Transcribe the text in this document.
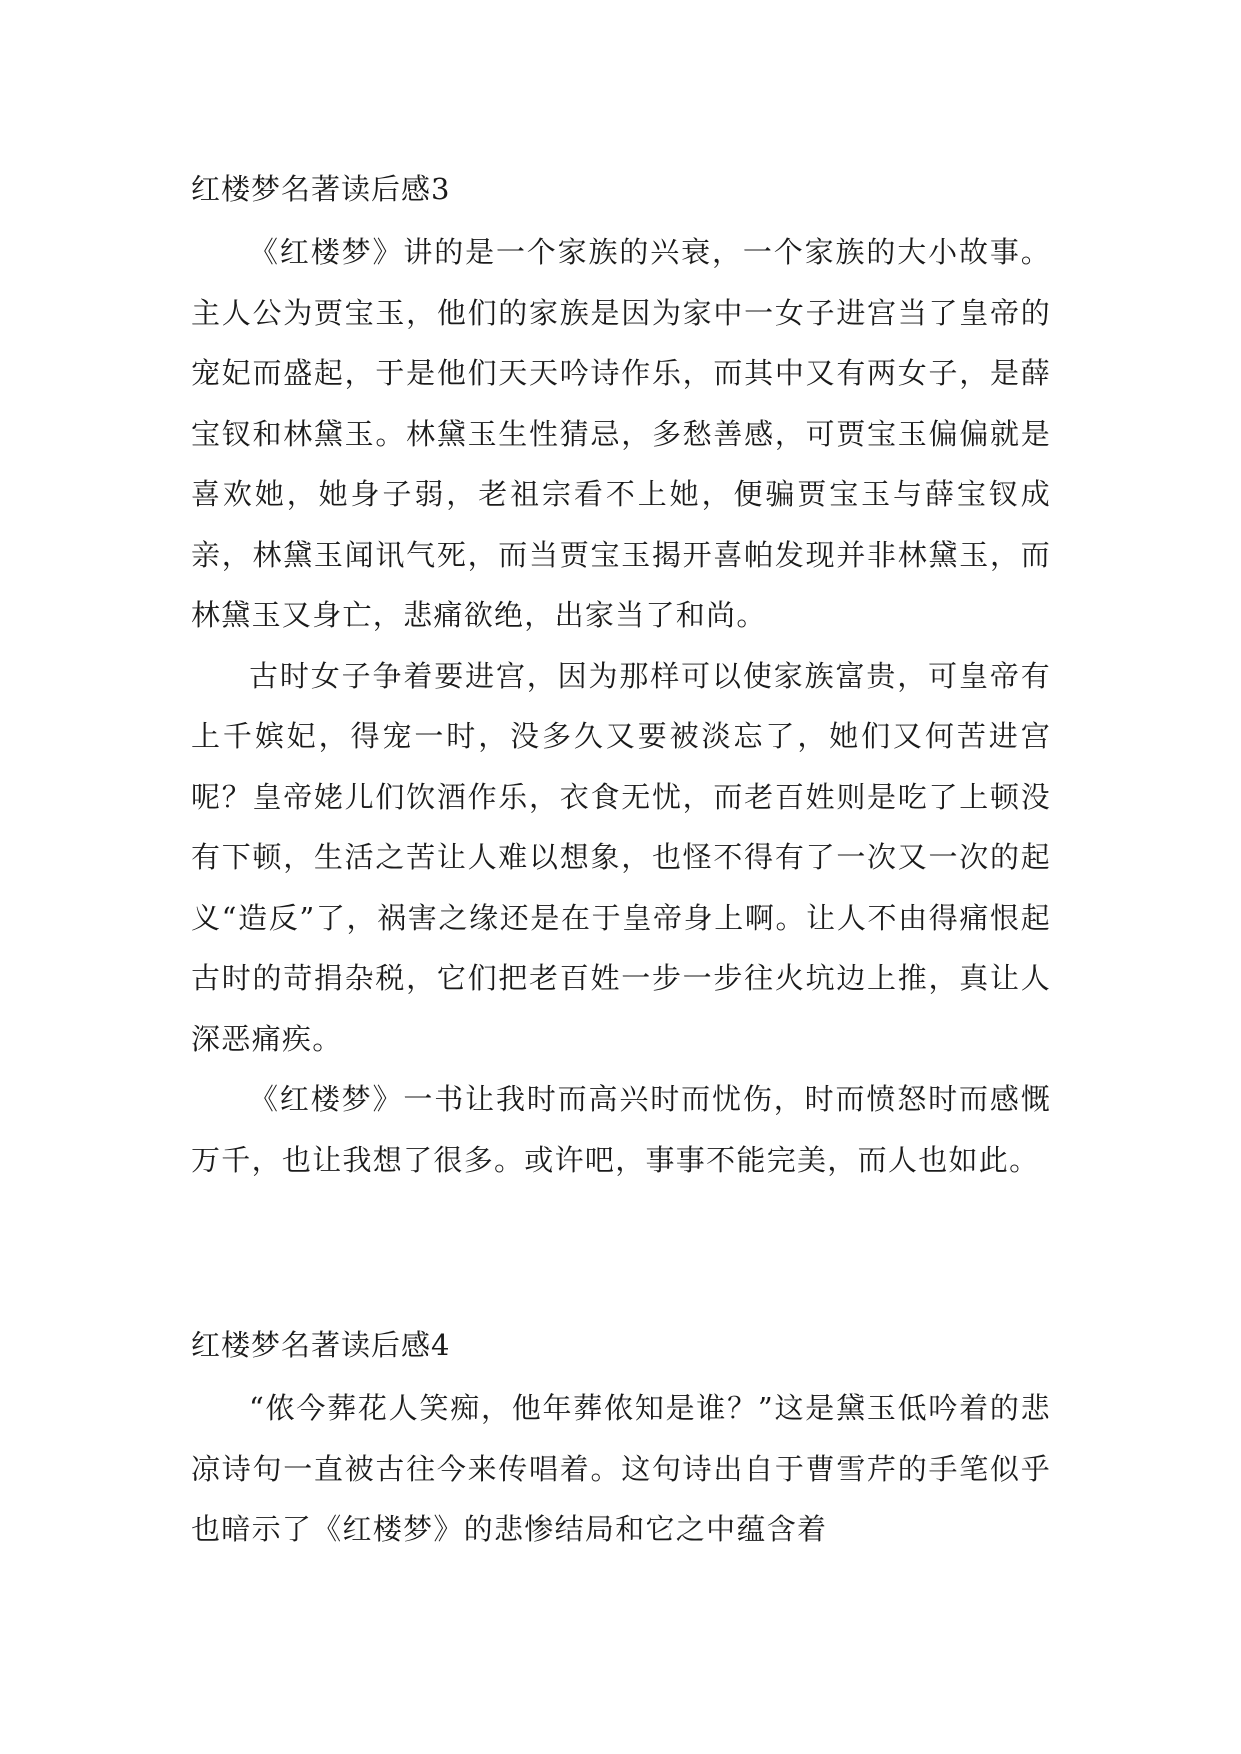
红楼梦名著读后感3

《红楼梦》讲的是一个家族的兴衰，一个家族的大小故事。主人公为贾宝玉，他们的家族是因为家中一女子进宫当了皇帝的宠妃而盛起，于是他们天天吟诗作乐，而其中又有两女子，是薛宝钗和林黛玉。林黛玉生性猜忌，多愁善感，可贾宝玉偏偏就是喜欢她，她身子弱，老祖宗看不上她，便骗贾宝玉与薛宝钗成亲，林黛玉闻讯气死，而当贾宝玉揭开喜帕发现并非林黛玉，而林黛玉又身亡，悲痛欲绝，出家当了和尚。

古时女子争着要进宫，因为那样可以使家族富贵，可皇帝有上千嫔妃，得宠一时，没多久又要被淡忘了，她们又何苦进宫呢？皇帝姥儿们饮酒作乐，衣食无忧，而老百姓则是吃了上顿没有下顿，生活之苦让人难以想象，也怪不得有了一次又一次的起义“造反”了，祸害之缘还是在于皇帝身上啊。让人不由得痛恨起古时的苛捐杂税，它们把老百姓一步一步往火坑边上推，真让人深恶痛疾。

《红楼梦》一书让我时而高兴时而忧伤，时而愤怒时而感慨万千，也让我想了很多。或许吧，事事不能完美，而人也如此。

红楼梦名著读后感4

“侬今葬花人笑痴，他年葬侬知是谁？”这是黛玉低吟着的悲凉诗句一直被古往今来传唱着。这句诗出自于曹雪芹的手笔似乎也暗示了《红楼梦》的悲惨结局和它之中蕴含着
